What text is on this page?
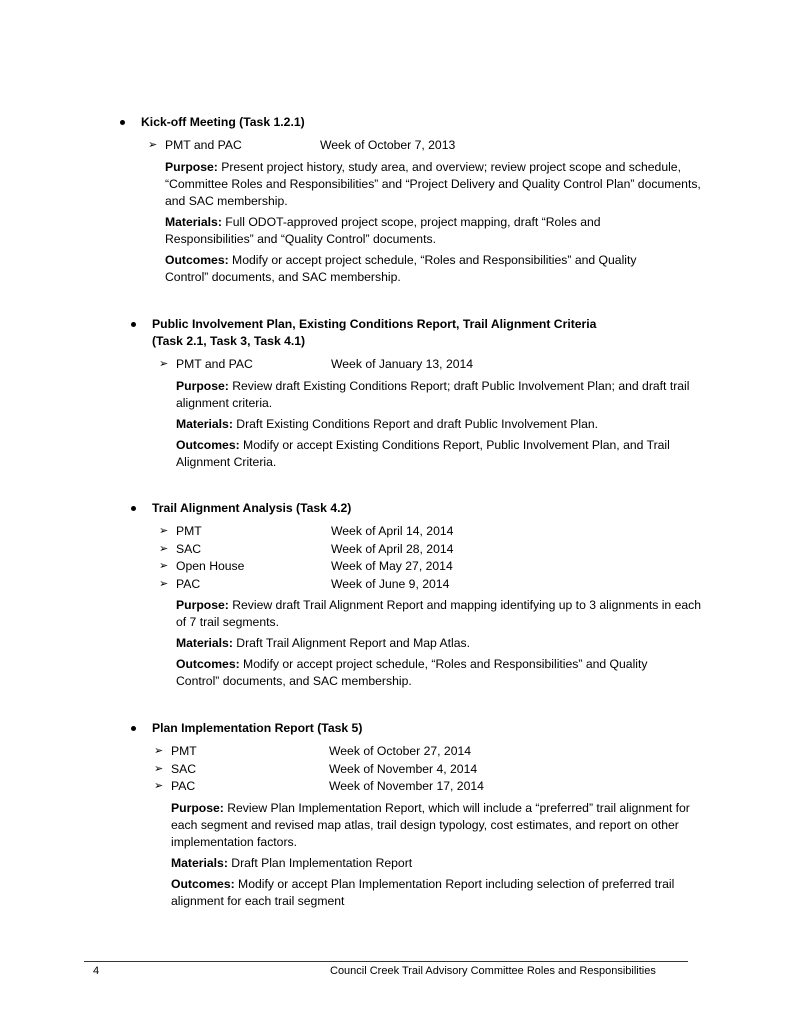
Kick-off Meeting (Task 1.2.1)
➢ PMT and PAC	Week of October 7, 2013
Purpose: Present project history, study area, and overview; review project scope and schedule, “Committee Roles and Responsibilities” and “Project Delivery and Quality Control Plan” documents, and SAC membership.
Materials: Full ODOT-approved project scope, project mapping, draft “Roles and Responsibilities” and “Quality Control” documents.
Outcomes: Modify or accept project schedule, “Roles and Responsibilities” and Quality Control” documents, and SAC membership.
Public Involvement Plan, Existing Conditions Report, Trail Alignment Criteria
(Task 2.1, Task 3, Task 4.1)
➢ PMT and PAC	Week of January 13, 2014
Purpose: Review draft Existing Conditions Report; draft Public Involvement Plan; and draft trail alignment criteria.
Materials: Draft Existing Conditions Report and draft Public Involvement Plan.
Outcomes: Modify or accept Existing Conditions Report, Public Involvement Plan, and Trail Alignment Criteria.
Trail Alignment Analysis (Task 4.2)
➢ PMT	Week of April 14, 2014
➢ SAC	Week of April 28, 2014
➢ Open House	Week of May 27, 2014
➢ PAC	Week of June 9, 2014
Purpose: Review draft Trail Alignment Report and mapping identifying up to 3 alignments in each of 7 trail segments.
Materials: Draft Trail Alignment Report and Map Atlas.
Outcomes: Modify or accept project schedule, “Roles and Responsibilities” and Quality Control” documents, and SAC membership.
Plan Implementation Report (Task 5)
➢ PMT	Week of October 27, 2014
➢ SAC	Week of November 4, 2014
➢ PAC	Week of November 17, 2014
Purpose: Review Plan Implementation Report, which will include a “preferred” trail alignment for each segment and revised map atlas, trail design typology, cost estimates, and report on other implementation factors.
Materials: Draft Plan Implementation Report
Outcomes: Modify or accept Plan Implementation Report including selection of preferred trail alignment for each trail segment
4	Council Creek Trail Advisory Committee Roles and Responsibilities
